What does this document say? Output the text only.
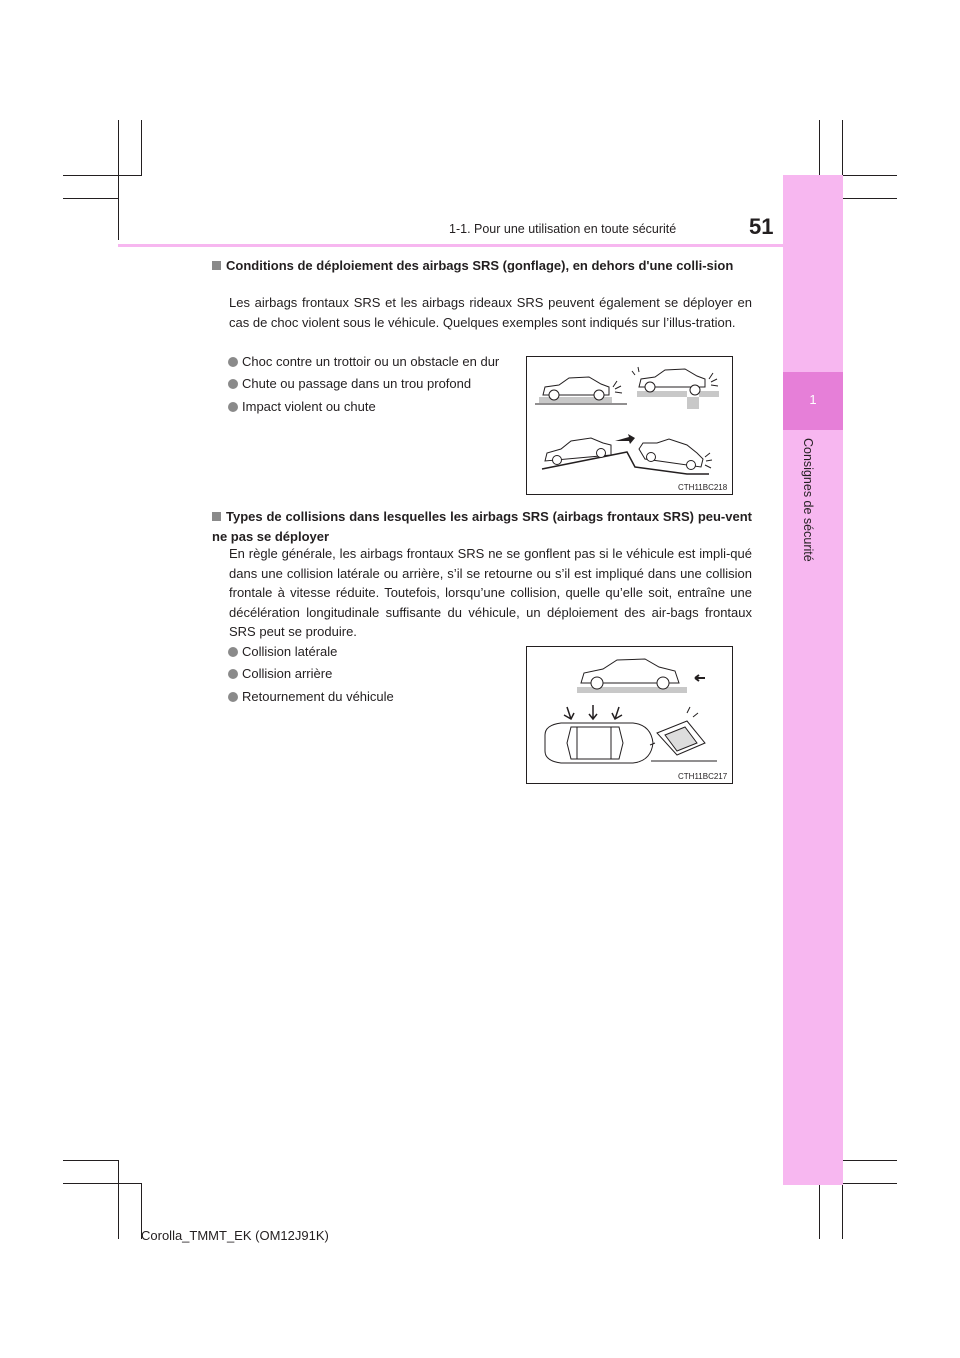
1
Consignes de sécurité
1-1. Pour une utilisation en toute sécurité	51
Conditions de déploiement des airbags SRS (gonflage), en dehors d'une colli-sion
Les airbags frontaux SRS et les airbags rideaux SRS peuvent également se déployer en cas de choc violent sous le véhicule. Quelques exemples sont indiqués sur l’illus-tration.
Choc contre un trottoir ou un obstacle en dur
Chute ou passage dans un trou profond
Impact violent ou chute
CTH11BC218
Types de collisions dans lesquelles les airbags SRS (airbags frontaux SRS) peu-vent ne pas se déployer
En règle générale, les airbags frontaux SRS ne se gonflent pas si le véhicule est impli-qué dans une collision latérale ou arrière, s’il se retourne ou s’il est impliqué dans une collision frontale à vitesse réduite. Toutefois, lorsqu’une collision, quelle qu’elle soit, entraîne une décélération longitudinale suffisante du véhicule, un déploiement des air-bags frontaux SRS peut se produire.
Collision latérale
Collision arrière
Retournement du véhicule
CTH11BC217
Corolla_TMMT_EK (OM12J91K)
